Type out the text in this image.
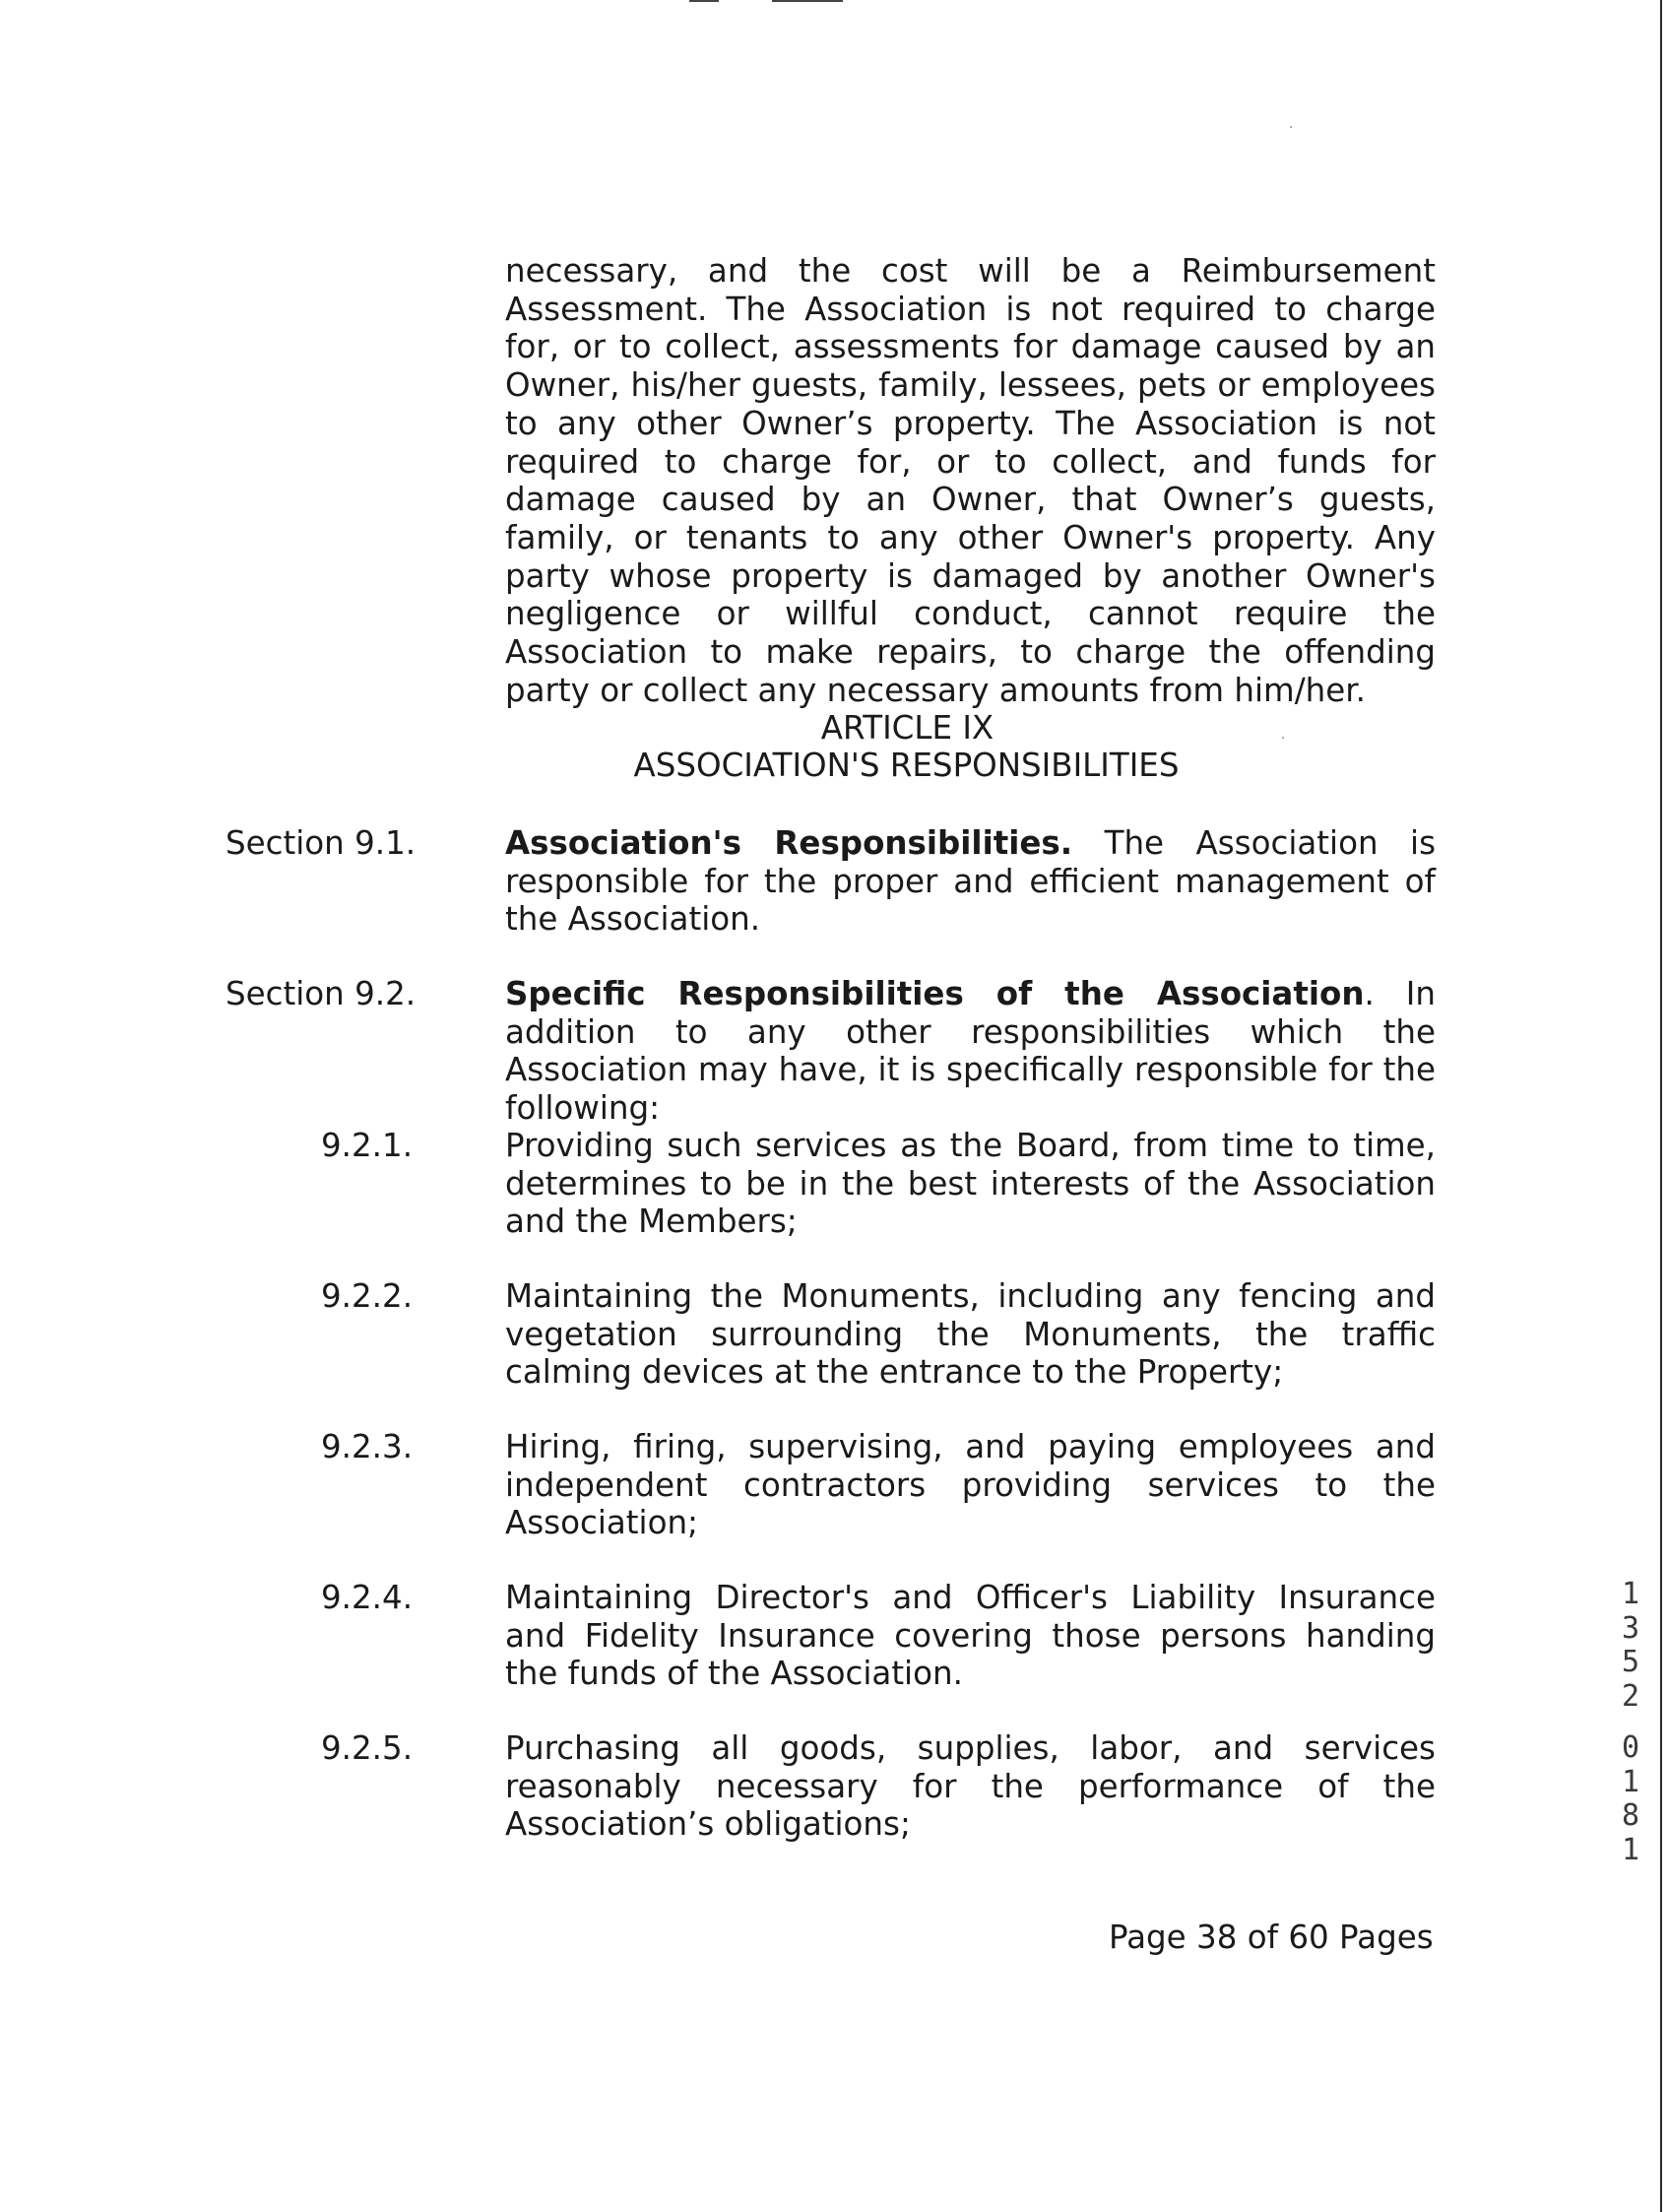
necessary, and the cost will be a Reimbursement Assessment. The Association is not required to charge for, or to collect, assessments for damage caused by an Owner, his/her guests, family, lessees, pets or employees to any other Owner’s property. The Association is not required to charge for, or to collect, and funds for damage caused by an Owner, that Owner’s guests, family, or tenants to any other Owner's property. Any party whose property is damaged by another Owner's negligence or willful conduct, cannot require the Association to make repairs, to charge the offending party or collect any necessary amounts from him/her.
ARTICLE IX
ASSOCIATION'S RESPONSIBILITIES
Section 9.1.	Association's Responsibilities. The Association is responsible for the proper and efficient management of the Association.
Section 9.2.	Specific Responsibilities of the Association. In addition to any other responsibilities which the Association may have, it is specifically responsible for the following:
9.2.1.	Providing such services as the Board, from time to time, determines to be in the best interests of the Association and the Members;
9.2.2.	Maintaining the Monuments, including any fencing and vegetation surrounding the Monuments, the traffic calming devices at the entrance to the Property;
9.2.3.	Hiring, firing, supervising, and paying employees and independent contractors providing services to the Association;
9.2.4.	Maintaining Director's and Officer's Liability Insurance and Fidelity Insurance covering those persons handing the funds of the Association.
9.2.5.	Purchasing all goods, supplies, labor, and services reasonably necessary for the performance of the Association’s obligations;
Page 38 of 60 Pages
1352
0181
